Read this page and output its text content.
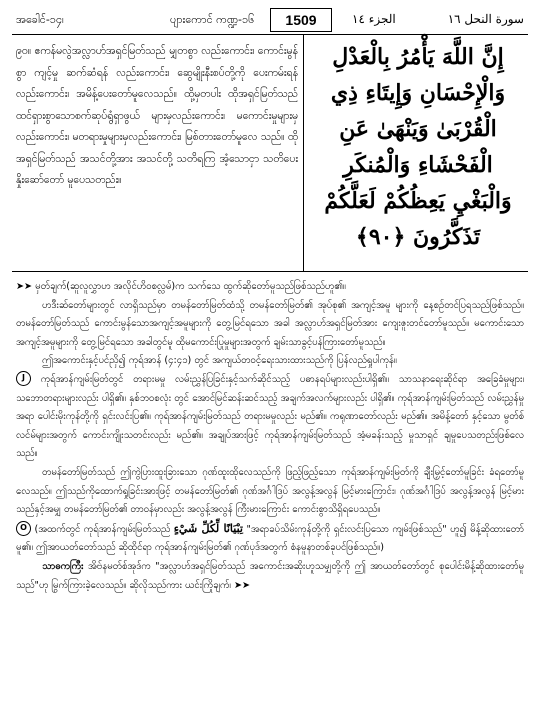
အခေါင်-၁၄၊	ပျားကောင် ကဏ္ဍ-၁၆	1509	الجزء ١٤	سورة النحل ١٦
၉၀။ ဧကန်မလွဲအလ္လာဟ်အရှင်မြတ်သည် မျှတစွာ လည်းကောင်း၊ ကောင်းမွန်စွာ ကျင့်မှု ဆက်ဆံရန် လည်းကောင်း၊ ဆွေမျိုးနီးစပ်တို့ကို ပေးကမ်းရန် လည်းကောင်း၊ အမိန့်ပေးတော်မူလေသည်။ ထို့မှတပါး ထိုအရှင်မြတ်သည် ထင်ရှားစွာသောစက်ဆုပ်ရွံရှာဖွယ် များမှလည်းကောင်း၊ မကောင်းမှုများမှလည်းကောင်း၊ မတရားမှုများမှလည်းကောင်း၊ မြစ်တားတော်မူလေ သည်။ ထိုအရှင်မြတ်သည် အသင်တို့အား အသင်တို့ သတိရကြ အံ့သောငှာ သတိပေး နှိုးဆော်တော် မူပေသတည်း။
إِنَّ اللَّهَ يَأْمُرُ بِالْعَدْلِ وَالْإِحْسَانِ وَإِيتَاءِ ذِي الْقُرْبَىٰ وَيَنْهَىٰ عَنِ الْفَحْشَاءِ وَالْمُنكَرِ وَالْبَغْيِ يَعِظُكُمْ لَعَلَّكُمْ تَذَكَّرُونَ ﴿٩٠﴾

➤➤ မှတ်ချက်(ဆူလူလွှာဟ အလိုင်ဟိဝစလ္လမ်)က သက်သေ ထွက်ဆိုတော်မူသည်ဖြစ်သည်ဟူ၏။

ဟဒီးဆ်တော်များတွင် လာရှိသည်မှာ တမန်တော်မြတ်ထံသို့ တမန်တော်မြတ်၏ အုပ်စု၏ အကျင့်အမူ များကို နေ့စဉ်တင်ပြရသည်ဖြစ်သည်။ တမန်တော်မြတ်သည် ကောင်းမွန်သောအကျင့်အမူများကို တွေ့မြင်ရသော အခါ အလ္လာဟ်အရှင်မြတ်အား ကျေးဇူးတင်တော်မူသည်။ မကောင်းသောအကျင့်အမူများကို တွေ့မြင်ရသော အခါတွင်မူ ထိုမကောင်းပြုမှုများအတွက် ချမ်းသာခွင့်ပန်ကြားတော်မူသည်။

ဤအကောင်းနှင့်ပင်ညှိ၍ ကုရ်အာန် (၄:၄၁) တွင် အကျယ်တဝင့်ရေးသားထားသည်ကို ပြန်လည်ရှုပါကုန်။

J ကုရ်အာန်ကျမ်းမြတ်တွင် တရားမမှု လမ်းညွှန်ပြခြင်းနှင့်သက်ဆိုင်သည့် ပဓာနရပ်များလည်းပါရှိ၏။ သာသနာရေးဆိုင်ရာ အခြေခံမှုများ၊ သဘောတရားများလည်း ပါရှိ၏။ နှစ်ဘဝစလုံး တွင် အောင်မြင်ဆန်းဆင်သည့် အချက်အလက်များလည်း ပါရှိ၏။ ကုရ်အာန်ကျမ်းမြတ်သည် လမ်းညွှန်မှုအရာ ပေါင်းမိုးကုန်တို့ကို ရှင်းလင်းပြ၏။ ကုရ်အာန်ကျမ်းမြတ်သည် တရားမမှုလည်း မည်၏။ ကရုဏာတော်လည်း မည်၏။ အမိန့်တော် နှင့်သော မွတ်စ်လင်မ်များအတွက် ကောင်းကျိုးသတင်းလည်း မည်၏။ အချုပ်အားဖြင့် ကုရ်အာန်ကျမ်းမြတ်သည် အံ့မခန်းသည့် မှုသာရှင် ချမှုပေသတည်းဖြစ်လေသည်။

တမန်တော်မြတ်သည် ဤကွဲပြားထူးခြားသော ဂုဏ်ထူးထိုလေသည်ကို ဖြည့်ဖြည့်သော ကုရ်အာန်ကျမ်းမြတ်ကို ချီးမြှင့်တော်မူခြင်း ခံရတော်မူလေသည်။ ဤသည်ကိုထောက်ရှုခြင်းအားဖြင့် တမန်တော်မြတ်၏ ဂုဏ်အင်္ဂါဒြပ် အလွန့်အလွန် မြင့်မားကြောင်း၊ ဂုဏ်အင်္ဂါဒြပ် အလွန့်အလွန် မြင့်မားသည်နှင့်အမျှ တမန်တော်မြတ်၏ တာဝန်မှာလည်း အလွန့်အလွန် ကြီးမားကြောင်း ကောင်းစွာသိရှိရပေသည်။

O (အထက်တွင် ကုရ်အာန်ကျမ်းမြတ်သည် تِبْيَانًا لِّكُلِّ شَيْءٍ "အရာခပ်သိမ်းကုန်တို့ကို ရှင်းလင်းပြသော ကျမ်းဖြစ်သည်" ဟူ၍ မိန့်ဆိုထားတော်မူ၏။ ဤအာယတ်တော်သည် ဆိုထိုင်ရာ ကုရ်အာန်ကျမ်းမြတ်၏ ဂုဏ်ပုဒ်အတွက် စံနမူနာတစ်ခုပင်ဖြစ်သည်။)

သာဓကကြီး အိဗ်နမတ်စ်အုဒ်က "အလ္လာဟ်အရှင်မြတ်သည် အကောင်းအဆိုးဟူသမျှတို့ကို ဤ အာယတ်တော်တွင် စုပေါင်းမိန့်ဆိုထားတော်မူသည်"ဟု မြွက်ကြားခဲ့လေသည်။ ဆိုလိုသည်ကား ယင်းကြိုချက်၊ ➤➤
